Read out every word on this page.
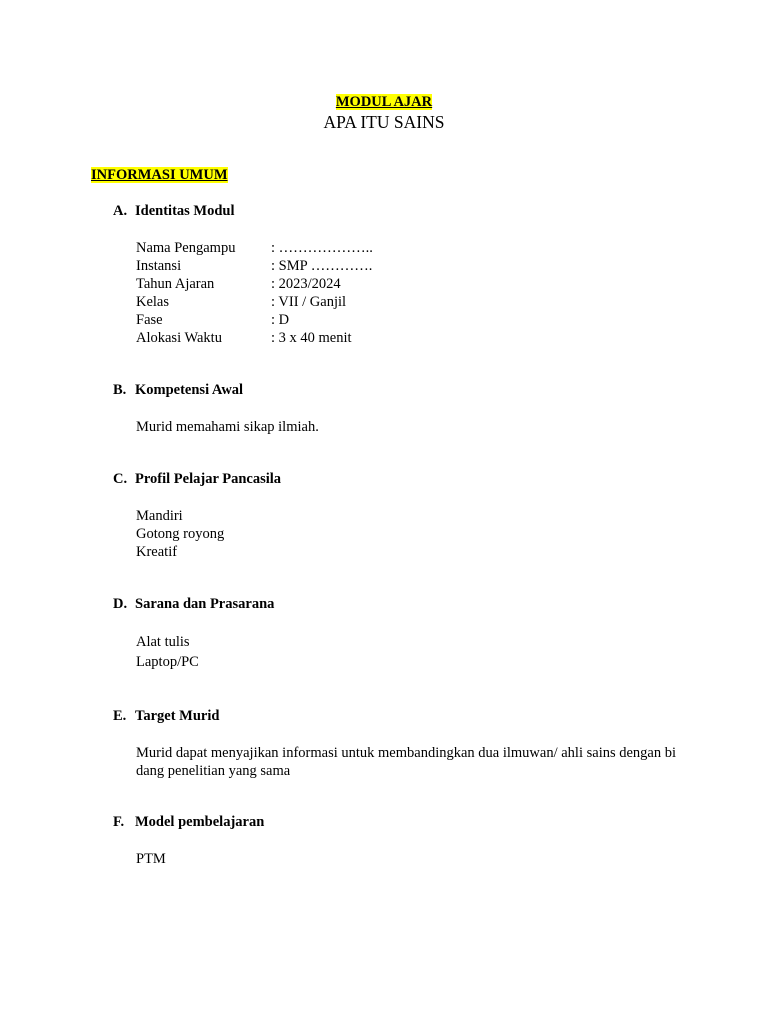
MODUL AJAR
APA ITU SAINS
INFORMASI UMUM
A. Identitas Modul
Nama Pengampu	: ………………..
Instansi	: SMP ………….
Tahun Ajaran	: 2023/2024
Kelas	: VII / Ganjil
Fase	: D
Alokasi Waktu	: 3 x 40 menit
B. Kompetensi Awal
Murid memahami sikap ilmiah.
C. Profil Pelajar Pancasila
Mandiri
Gotong royong
Kreatif
D. Sarana dan Prasarana
Alat tulis
Laptop/PC
E. Target Murid
Murid dapat menyajikan informasi untuk membandingkan dua ilmuwan/ ahli sains dengan bidang penelitian yang sama
F. Model pembelajaran
PTM
